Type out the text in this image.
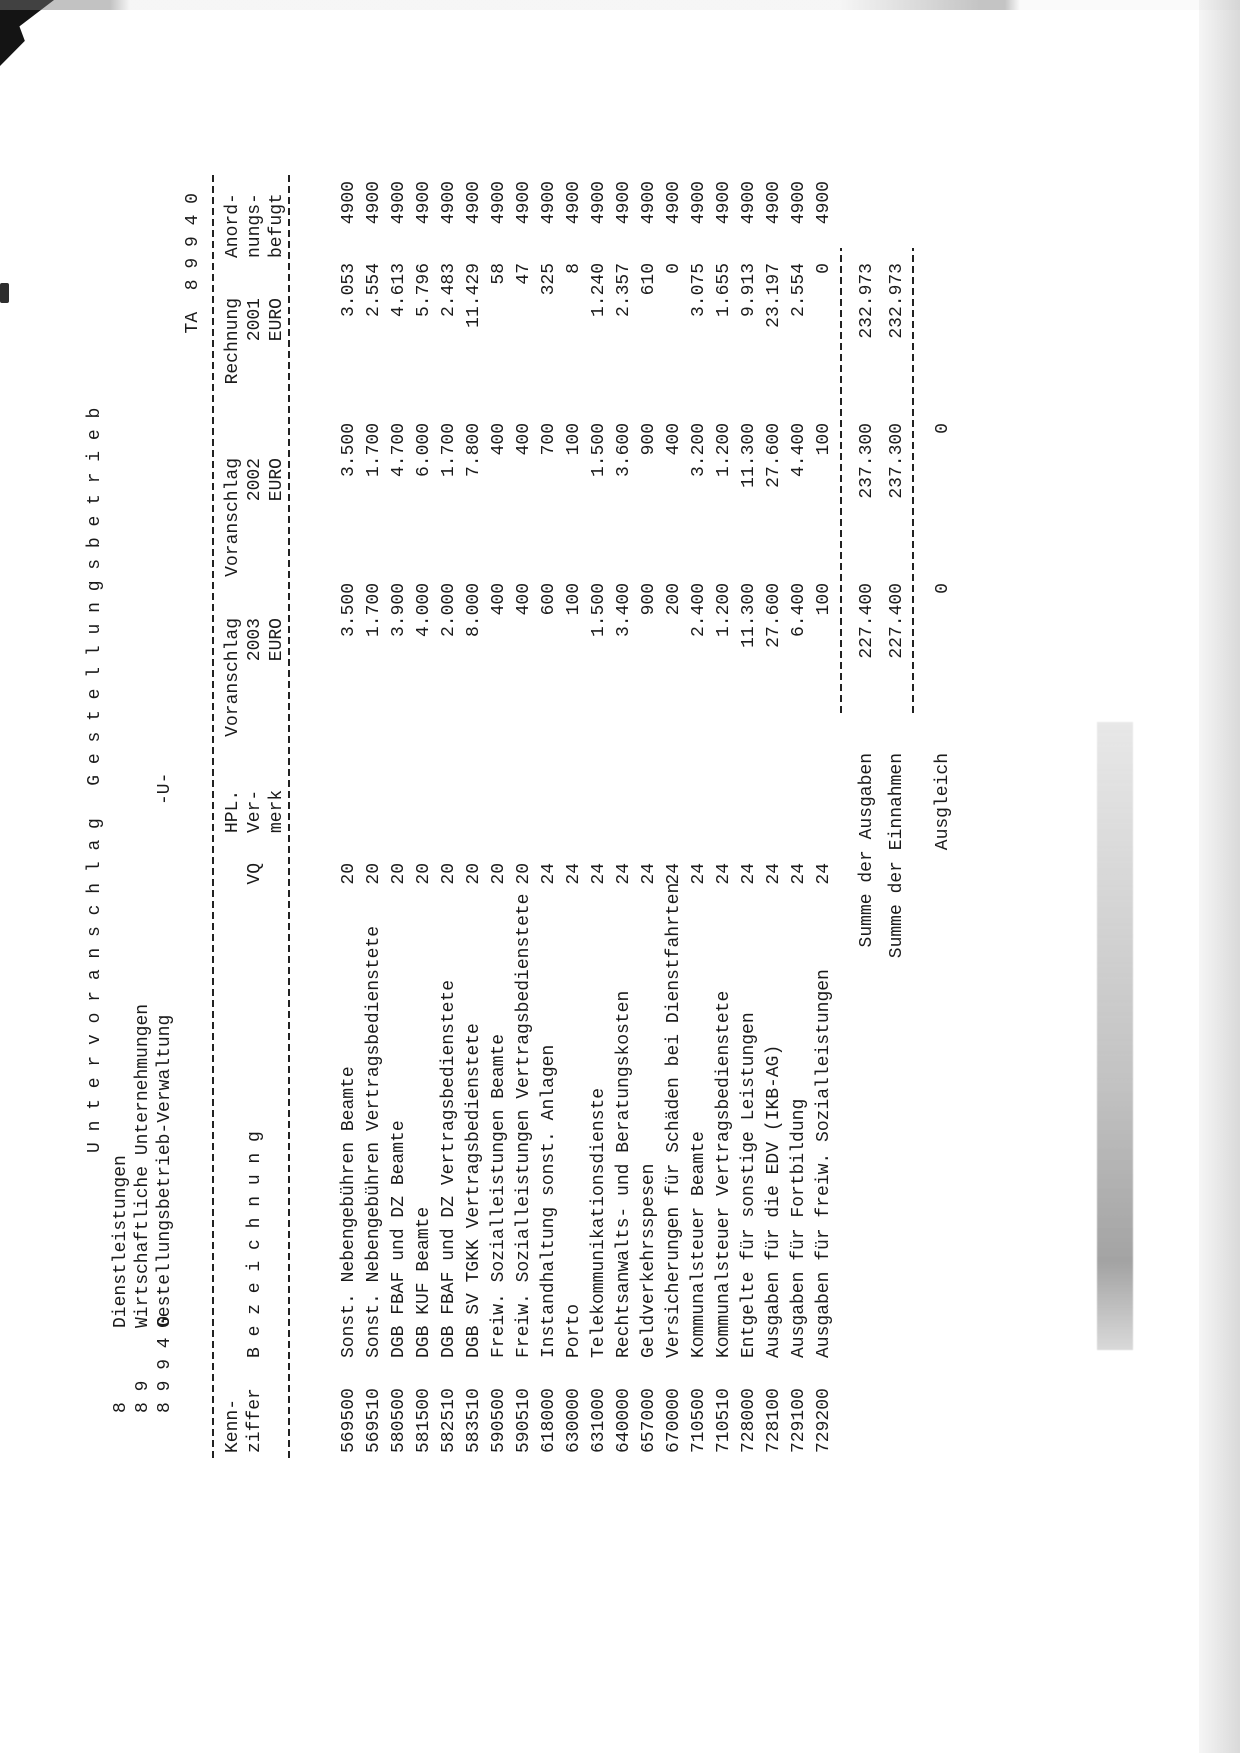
U n t e r v o r a n s c h l a g   G e s t e l l u n g s b e t r i e b
8
Dienstleistungen
8 9
Wirtschaftliche Unternehmungen
8 9 9 4 0
Gestellungsbetrieb-Verwaltung
-U-
TA  8 9 9 4 0
Kenn-
HPL.
Voranschlag
Voranschlag
Rechnung
Anord-
ziffer
B e z e i c h n u n g
VQ
Ver-
2003
2002
2001
nungs-
merk
EURO
EURO
EURO
befugt
569500
Sonst. Nebengebühren Beamte
20
3.500
3.500
3.053
4900
569510
Sonst. Nebengebühren Vertragsbedienstete
20
1.700
1.700
2.554
4900
580500
DGB FBAF und DZ Beamte
20
3.900
4.700
4.613
4900
581500
DGB KUF Beamte
20
4.000
6.000
5.796
4900
582510
DGB FBAF und DZ Vertragsbedienstete
20
2.000
1.700
2.483
4900
583510
DGB SV TGKK Vertragsbedienstete
20
8.000
7.800
11.429
4900
590500
Freiw. Sozialleistungen Beamte
20
400
400
58
4900
590510
Freiw. Sozialleistungen Vertragsbedienstete
20
400
400
47
4900
618000
Instandhaltung sonst. Anlagen
24
600
700
325
4900
630000
Porto
24
100
100
8
4900
631000
Telekommunikationsdienste
24
1.500
1.500
1.240
4900
640000
Rechtsanwalts- und Beratungskosten
24
3.400
3.600
2.357
4900
657000
Geldverkehrsspesen
24
900
900
610
4900
670000
Versicherungen für Schäden bei Dienstfahrten
24
200
400
0
4900
710500
Kommunalsteuer Beamte
24
2.400
3.200
3.075
4900
710510
Kommunalsteuer Vertragsbedienstete
24
1.200
1.200
1.655
4900
728000
Entgelte für sonstige Leistungen
24
11.300
11.300
9.913
4900
728100
Ausgaben für die EDV (IKB-AG)
24
27.600
27.600
23.197
4900
729100
Ausgaben für Fortbildung
24
6.400
4.400
2.554
4900
729200
Ausgaben für freiw. Sozialleistungen
24
100
100
0
4900
Summe der Ausgaben
227.400
237.300
232.973
Summe der Einnahmen
227.400
237.300
232.973
Ausgleich
0
0
